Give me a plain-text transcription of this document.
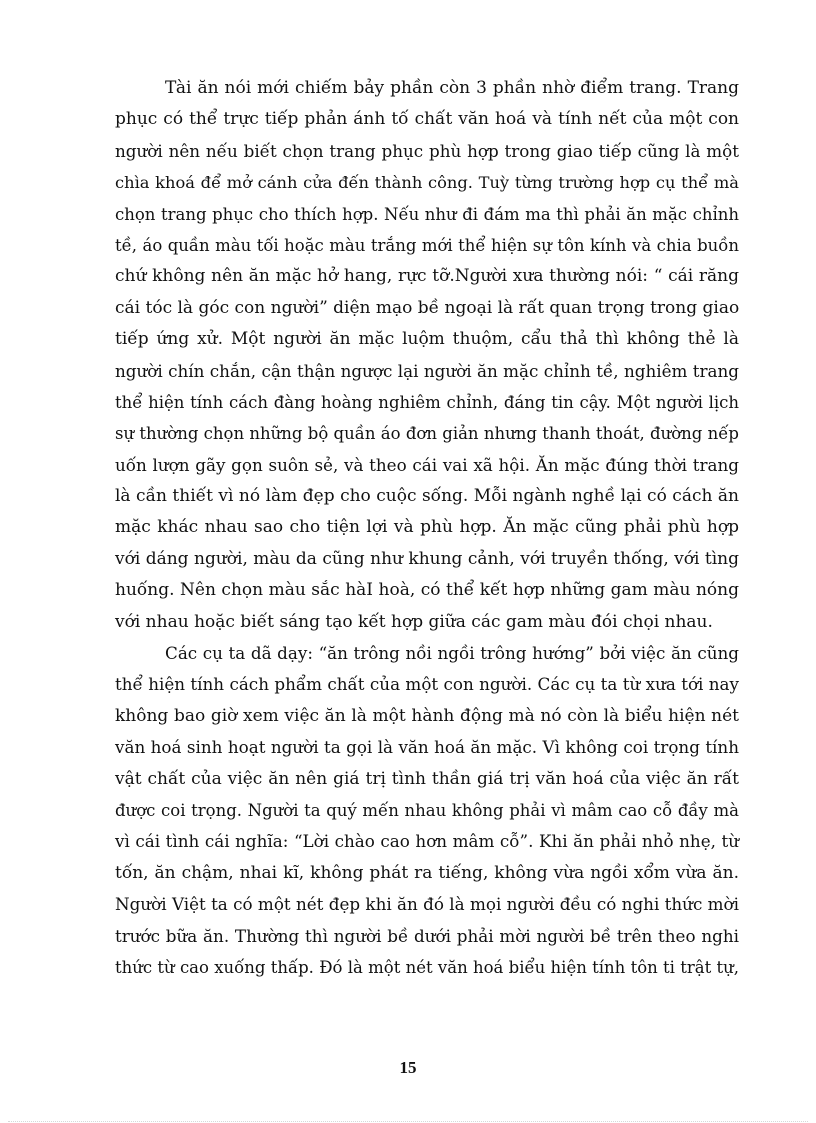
Tài ăn nói mới chiếm bảy phần còn 3 phần nhờ điểm trang. Trang
phục có thể trực tiếp phản ánh tố chất văn hoá và tính nết của một con
người nên nếu biết chọn trang phục phù hợp trong giao tiếp cũng là một
chìa khoá để mở cánh cửa đến thành công. Tuỳ từng trường hợp cụ thể mà
chọn trang phục cho thích hợp. Nếu như đi đám ma thì phải ăn mặc chỉnh
tề, áo quần màu tối hoặc màu trắng mới thể hiện sự tôn kính và chia buồn
chứ không nên ăn mặc hở hang, rực tỡ.Người xưa thường nói: “ cái răng
cái tóc là góc con người” diện mạo bề ngoại là rất quan trọng trong giao
tiếp ứng xử. Một người ăn mặc luộm thuộm, cẩu thả thì không thẻ là
người chín chắn, cận thận ngược lại người ăn mặc chỉnh tề, nghiêm trang
thể hiện tính cách đàng hoàng nghiêm chỉnh, đáng tin cậy. Một người lịch
sự thường chọn những bộ quần áo đơn giản nhưng thanh thoát, đường nếp
uốn lượn gãy gọn suôn sẻ, và theo cái vai xã hội. Ăn mặc đúng thời trang
là cần thiết vì nó làm đẹp cho cuộc sống. Mỗi ngành nghề lại có cách ăn
mặc khác nhau sao cho tiện lợi và phù hợp. Ăn mặc cũng phải phù hợp
với dáng người, màu da cũng như khung cảnh, với truyền thống, với tìng
huống. Nên chọn màu sắc hàI hoà, có thể kết hợp những gam màu nóng
với nhau hoặc biết sáng tạo kết hợp giữa các gam màu đói chọi nhau.
Các cụ ta dã dạy: “ăn trông nồi ngồi trông hướng” bởi việc ăn cũng
thể hiện tính cách phẩm chất của một con người. Các cụ ta từ xưa tới nay
không bao giờ xem việc ăn là một hành động mà nó còn là biểu hiện nét
văn hoá sinh hoạt người ta gọi là văn hoá ăn mặc. Vì không coi trọng tính
vật chất của việc ăn nên giá trị tình thần giá trị văn hoá của việc ăn rất
được coi trọng. Người ta quý mến nhau không phải vì mâm cao cỗ đầy mà
vì cái tình cái nghĩa: “Lời chào cao hơn mâm cỗ”. Khi ăn phải nhỏ nhẹ, từ
tốn, ăn chậm, nhai kĩ, không phát ra tiếng, không vừa ngồi xổm vừa ăn.
Người Việt ta có một nét đẹp khi ăn đó là mọi người đều có nghi thức mời
trước bữa ăn. Thường thì người bề dưới phải mời người bề trên theo nghi
thức từ cao xuống thấp. Đó là một nét văn hoá biểu hiện tính tôn ti trật tự,
15
